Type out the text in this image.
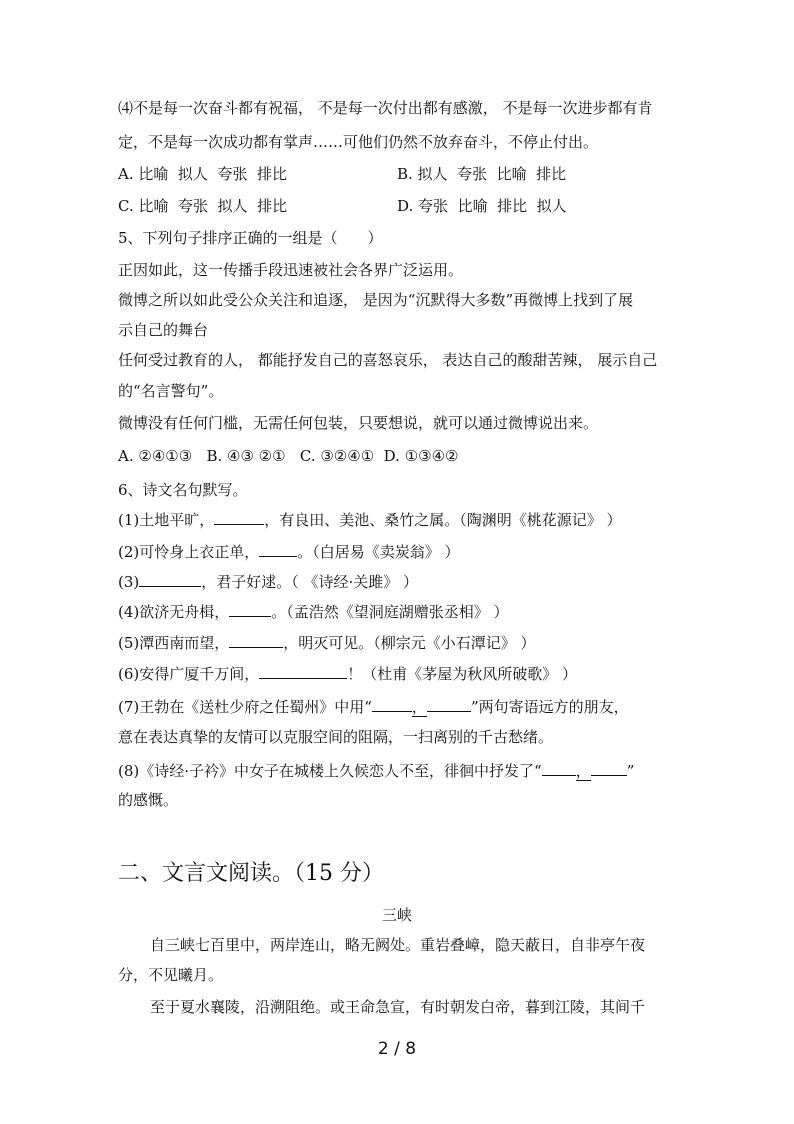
⑷不是每一次奋斗都有祝福， 不是每一次付出都有感激， 不是每一次进步都有肯
定，不是每一次成功都有掌声……可他们仍然不放弃奋斗，不停止付出。
A. 比喻  拟人  夸张  排比	B. 拟人  夸张  比喻  排比
C. 比喻  夸张  拟人  排比	D. 夸张  比喻  排比  拟人
5、下列句子排序正确的一组是（　　）
正因如此，这一传播手段迅速被社会各界广泛运用。
微博之所以如此受公众关注和追逐， 是因为“沉默得大多数”再微博上找到了展
示自己的舞台
任何受过教育的人， 都能抒发自己的喜怒哀乐， 表达自己的酸甜苦辣， 展示自己
的“名言警句”。
微博没有任何门槛，无需任何包装，只要想说，就可以通过微博说出来。
A. ②④①③   B. ④③ ②①   C. ③②④①  D. ①③④②
6、诗文名句默写。
(1)土地平旷，	，有良田、美池、桑竹之属。（陶渊明《桃花源记》 ）
(2)可怜身上衣正单，	。（白居易《卖炭翁》 ）
(3)	，君子好逑。（ 《诗经·关雎》 ）
(4)欲济无舟楫，	。（孟浩然《望洞庭湖赠张丞相》 ）
(5)潭西南而望，	，明灭可见。（柳宗元《小石潭记》 ）
(6)安得广厦千万间，	！（杜甫《茅屋为秋风所破歌》 ）
(7)王勃在《送杜少府之任蜀州》中用“	，	”两句寄语远方的朋友，
意在表达真挚的友情可以克服空间的阻隔，一扫离别的千古愁绪。
(8)《诗经·子衿》中女子在城楼上久候恋人不至，徘徊中抒发了“ ， ”
的感慨。
二、文言文阅读。（15 分）
三峡
自三峡七百里中，两岸连山，略无阙处。重岩叠嶂，隐天蔽日，自非亭午夜
分，不见曦月。
至于夏水襄陵，沿溯阻绝。或王命急宣，有时朝发白帝，暮到江陵，其间千
2 / 8
